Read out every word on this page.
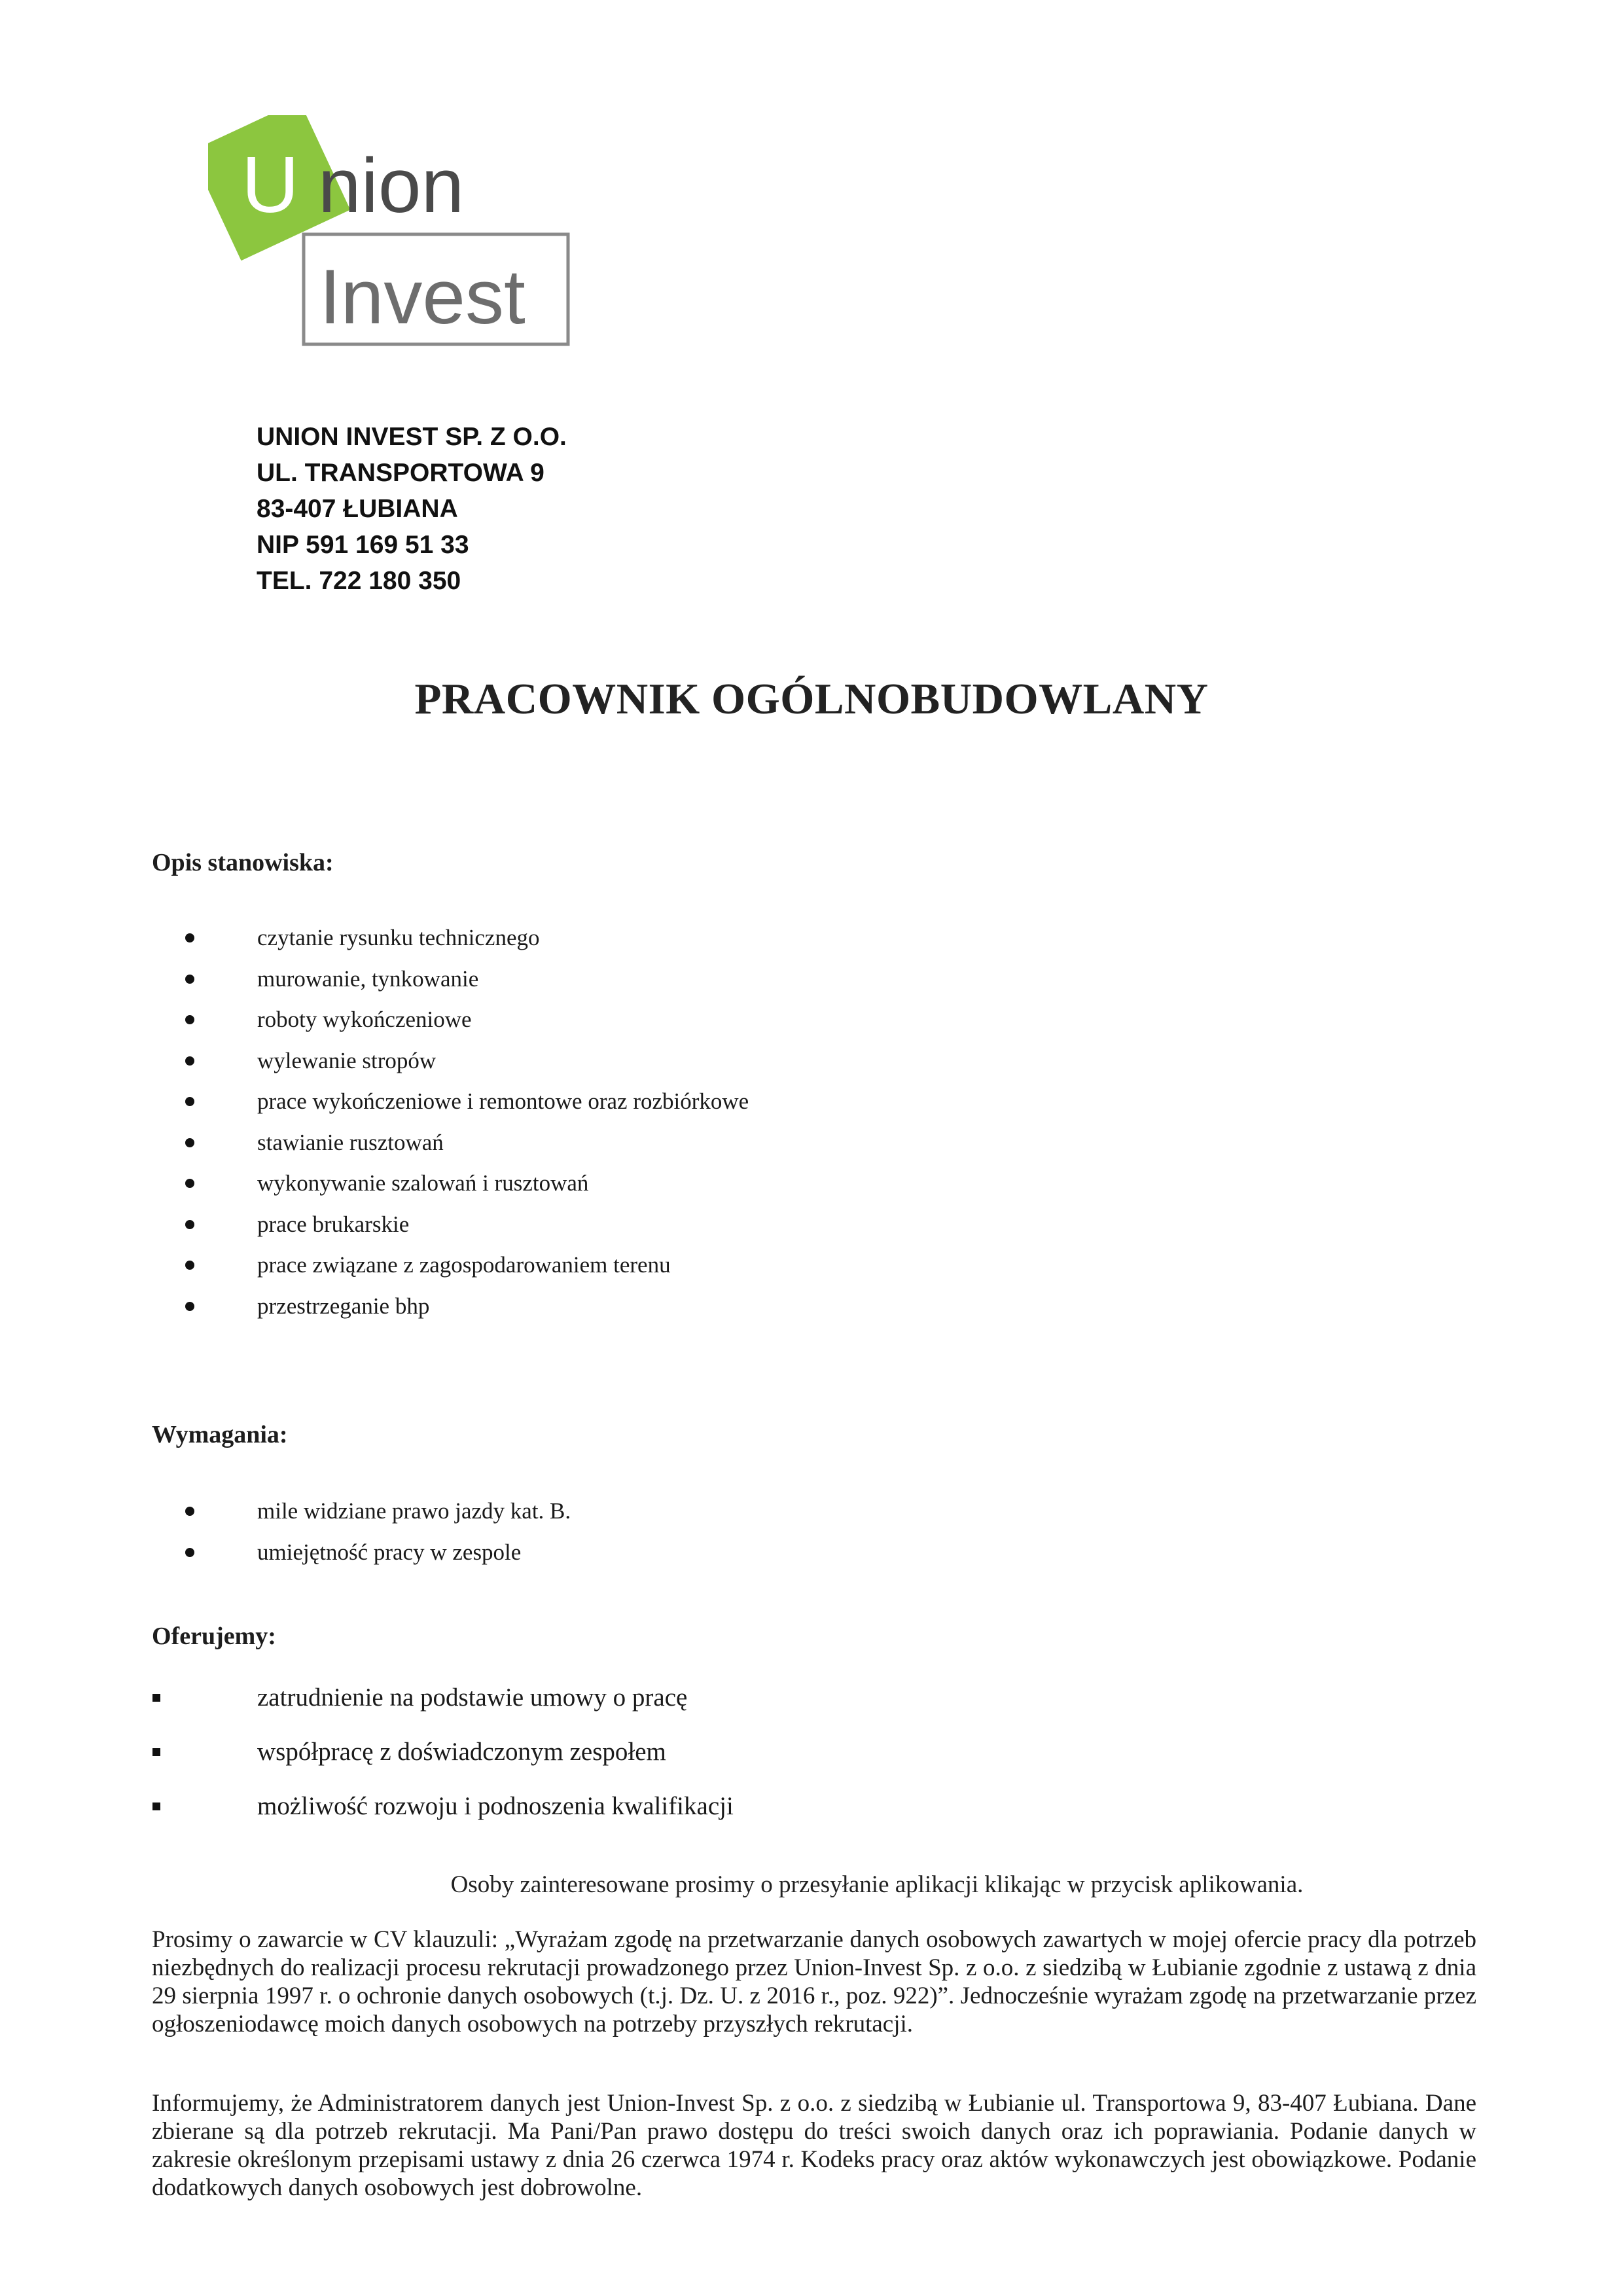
U nion
Invest
UNION INVEST SP. Z O.O.
UL. TRANSPORTOWA 9
83-407 ŁUBIANA
NIP 591 169 51 33
TEL. 722 180 350
PRACOWNIK OGÓLNOBUDOWLANY
Opis stanowiska:
czytanie rysunku technicznego
murowanie, tynkowanie
roboty wykończeniowe
wylewanie stropów
prace wykończeniowe i remontowe oraz rozbiórkowe
stawianie rusztowań
wykonywanie szalowań i rusztowań
prace brukarskie
prace związane z zagospodarowaniem terenu
przestrzeganie bhp
Wymagania:
mile widziane prawo jazdy kat. B.
umiejętność pracy w zespole
Oferujemy:
zatrudnienie na podstawie umowy o pracę
współpracę z doświadczonym zespołem
możliwość rozwoju i podnoszenia kwalifikacji
Osoby zainteresowane prosimy o przesyłanie aplikacji klikając w przycisk aplikowania.
Prosimy o zawarcie w CV klauzuli: „Wyrażam zgodę na przetwarzanie danych osobowych zawartych w mojej ofercie pracy dla potrzeb niezbędnych do realizacji procesu rekrutacji prowadzonego przez Union-Invest Sp. z o.o. z siedzibą w Łubianie zgodnie z ustawą z dnia 29 sierpnia 1997 r. o ochronie danych osobowych (t.j. Dz. U. z 2016 r., poz. 922)”. Jednocześnie wyrażam zgodę na przetwarzanie przez ogłoszeniodawcę moich danych osobowych na potrzeby przyszłych rekrutacji.
Informujemy, że Administratorem danych jest Union-Invest Sp. z o.o. z siedzibą w Łubianie ul. Transportowa 9, 83-407 Łubiana. Dane zbierane są dla potrzeb rekrutacji. Ma Pani/Pan prawo dostępu do treści swoich danych oraz ich poprawiania. Podanie danych w zakresie określonym przepisami ustawy z dnia 26 czerwca 1974 r. Kodeks pracy oraz aktów wykonawczych jest obowiązkowe. Podanie dodatkowych danych osobowych jest dobrowolne.
